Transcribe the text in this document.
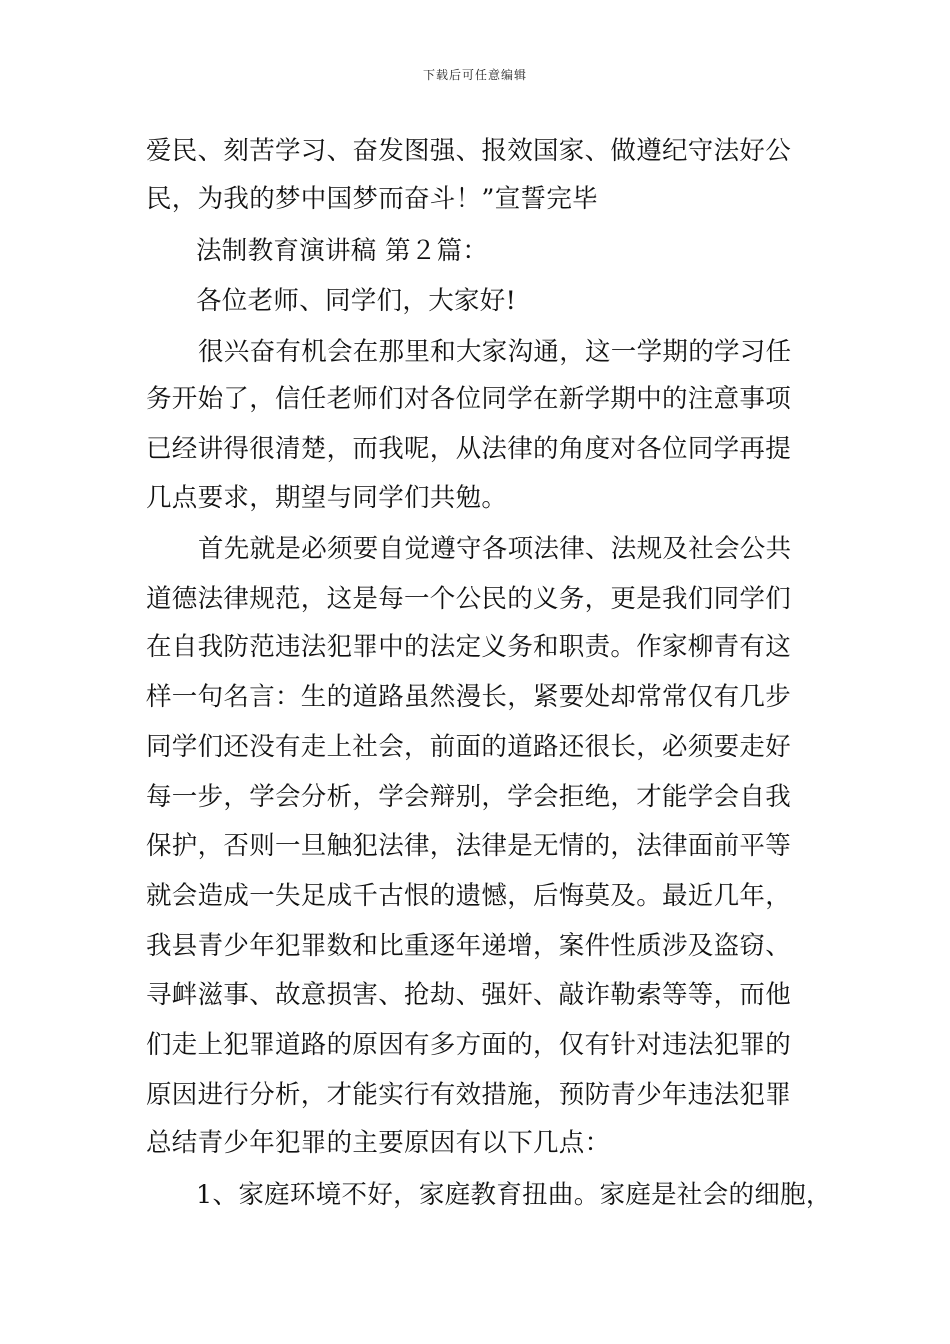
下载后可任意编辑
爱民、刻苦学习、奋发图强、报效国家、做遵纪守法好公
民，为我的梦中国梦而奋斗！”宣誓完毕
法制教育演讲稿 第２篇：
各位老师、同学们，大家好!
很兴奋有机会在那里和大家沟通，这一学期的学习任
务开始了，信任老师们对各位同学在新学期中的注意事项
已经讲得很清楚，而我呢，从法律的角度对各位同学再提
几点要求，期望与同学们共勉。
首先就是必须要自觉遵守各项法律、法规及社会公共
道德法律规范，这是每一个公民的义务，更是我们同学们
在自我防范违法犯罪中的法定义务和职责。作家柳青有这
样一句名言：生的道路虽然漫长，紧要处却常常仅有几步
同学们还没有走上社会，前面的道路还很长，必须要走好
每一步，学会分析，学会辩别，学会拒绝，才能学会自我
保护，否则一旦触犯法律，法律是无情的，法律面前平等
就会造成一失足成千古恨的遗憾，后悔莫及。最近几年，
我县青少年犯罪数和比重逐年递增，案件性质涉及盗窃、
寻衅滋事、故意损害、抢劫、强奸、敲诈勒索等等，而他
们走上犯罪道路的原因有多方面的，仅有针对违法犯罪的
原因进行分析，才能实行有效措施，预防青少年违法犯罪
总结青少年犯罪的主要原因有以下几点：
1、家庭环境不好，家庭教育扭曲。家庭是社会的细胞，
